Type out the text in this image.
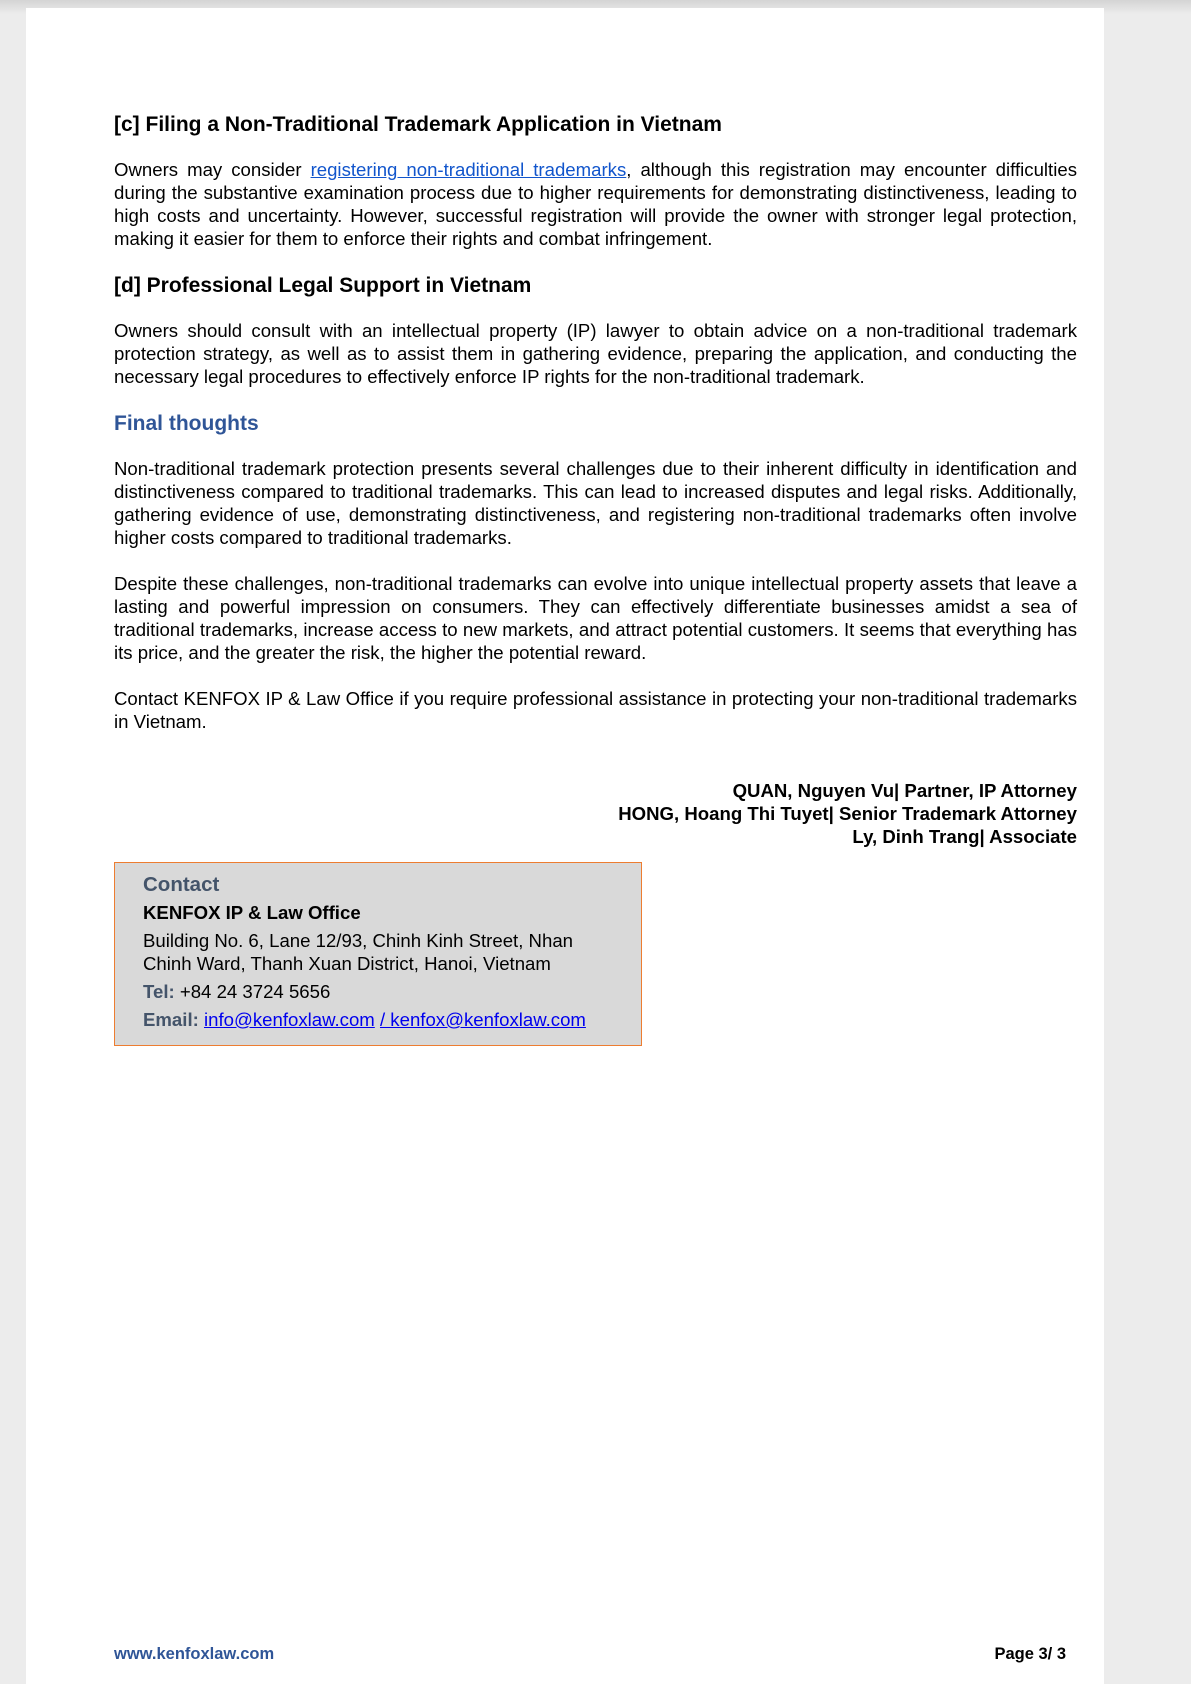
[c] Filing a Non-Traditional Trademark Application in Vietnam

Owners may consider registering non-traditional trademarks, although this registration may encounter difficulties during the substantive examination process due to higher requirements for demonstrating distinctiveness, leading to high costs and uncertainty. However, successful registration will provide the owner with stronger legal protection, making it easier for them to enforce their rights and combat infringement.

[d] Professional Legal Support in Vietnam

Owners should consult with an intellectual property (IP) lawyer to obtain advice on a non-traditional trademark protection strategy, as well as to assist them in gathering evidence, preparing the application, and conducting the necessary legal procedures to effectively enforce IP rights for the non-traditional trademark.

Final thoughts

Non-traditional trademark protection presents several challenges due to their inherent difficulty in identification and distinctiveness compared to traditional trademarks. This can lead to increased disputes and legal risks. Additionally, gathering evidence of use, demonstrating distinctiveness, and registering non-traditional trademarks often involve higher costs compared to traditional trademarks.

Despite these challenges, non-traditional trademarks can evolve into unique intellectual property assets that leave a lasting and powerful impression on consumers. They can effectively differentiate businesses amidst a sea of traditional trademarks, increase access to new markets, and attract potential customers. It seems that everything has its price, and the greater the risk, the higher the potential reward.

Contact KENFOX IP & Law Office if you require professional assistance in protecting your non-traditional trademarks in Vietnam.

QUAN, Nguyen Vu| Partner, IP Attorney
HONG, Hoang Thi Tuyet| Senior Trademark Attorney
Ly, Dinh Trang| Associate
Contact
KENFOX IP & Law Office
Building No. 6, Lane 12/93, Chinh Kinh Street, Nhan
Chinh Ward, Thanh Xuan District, Hanoi, Vietnam
Tel: +84 24 3724 5656
Email: info@kenfoxlaw.com / kenfox@kenfoxlaw.com
www.kenfoxlaw.com	Page 3/ 3
